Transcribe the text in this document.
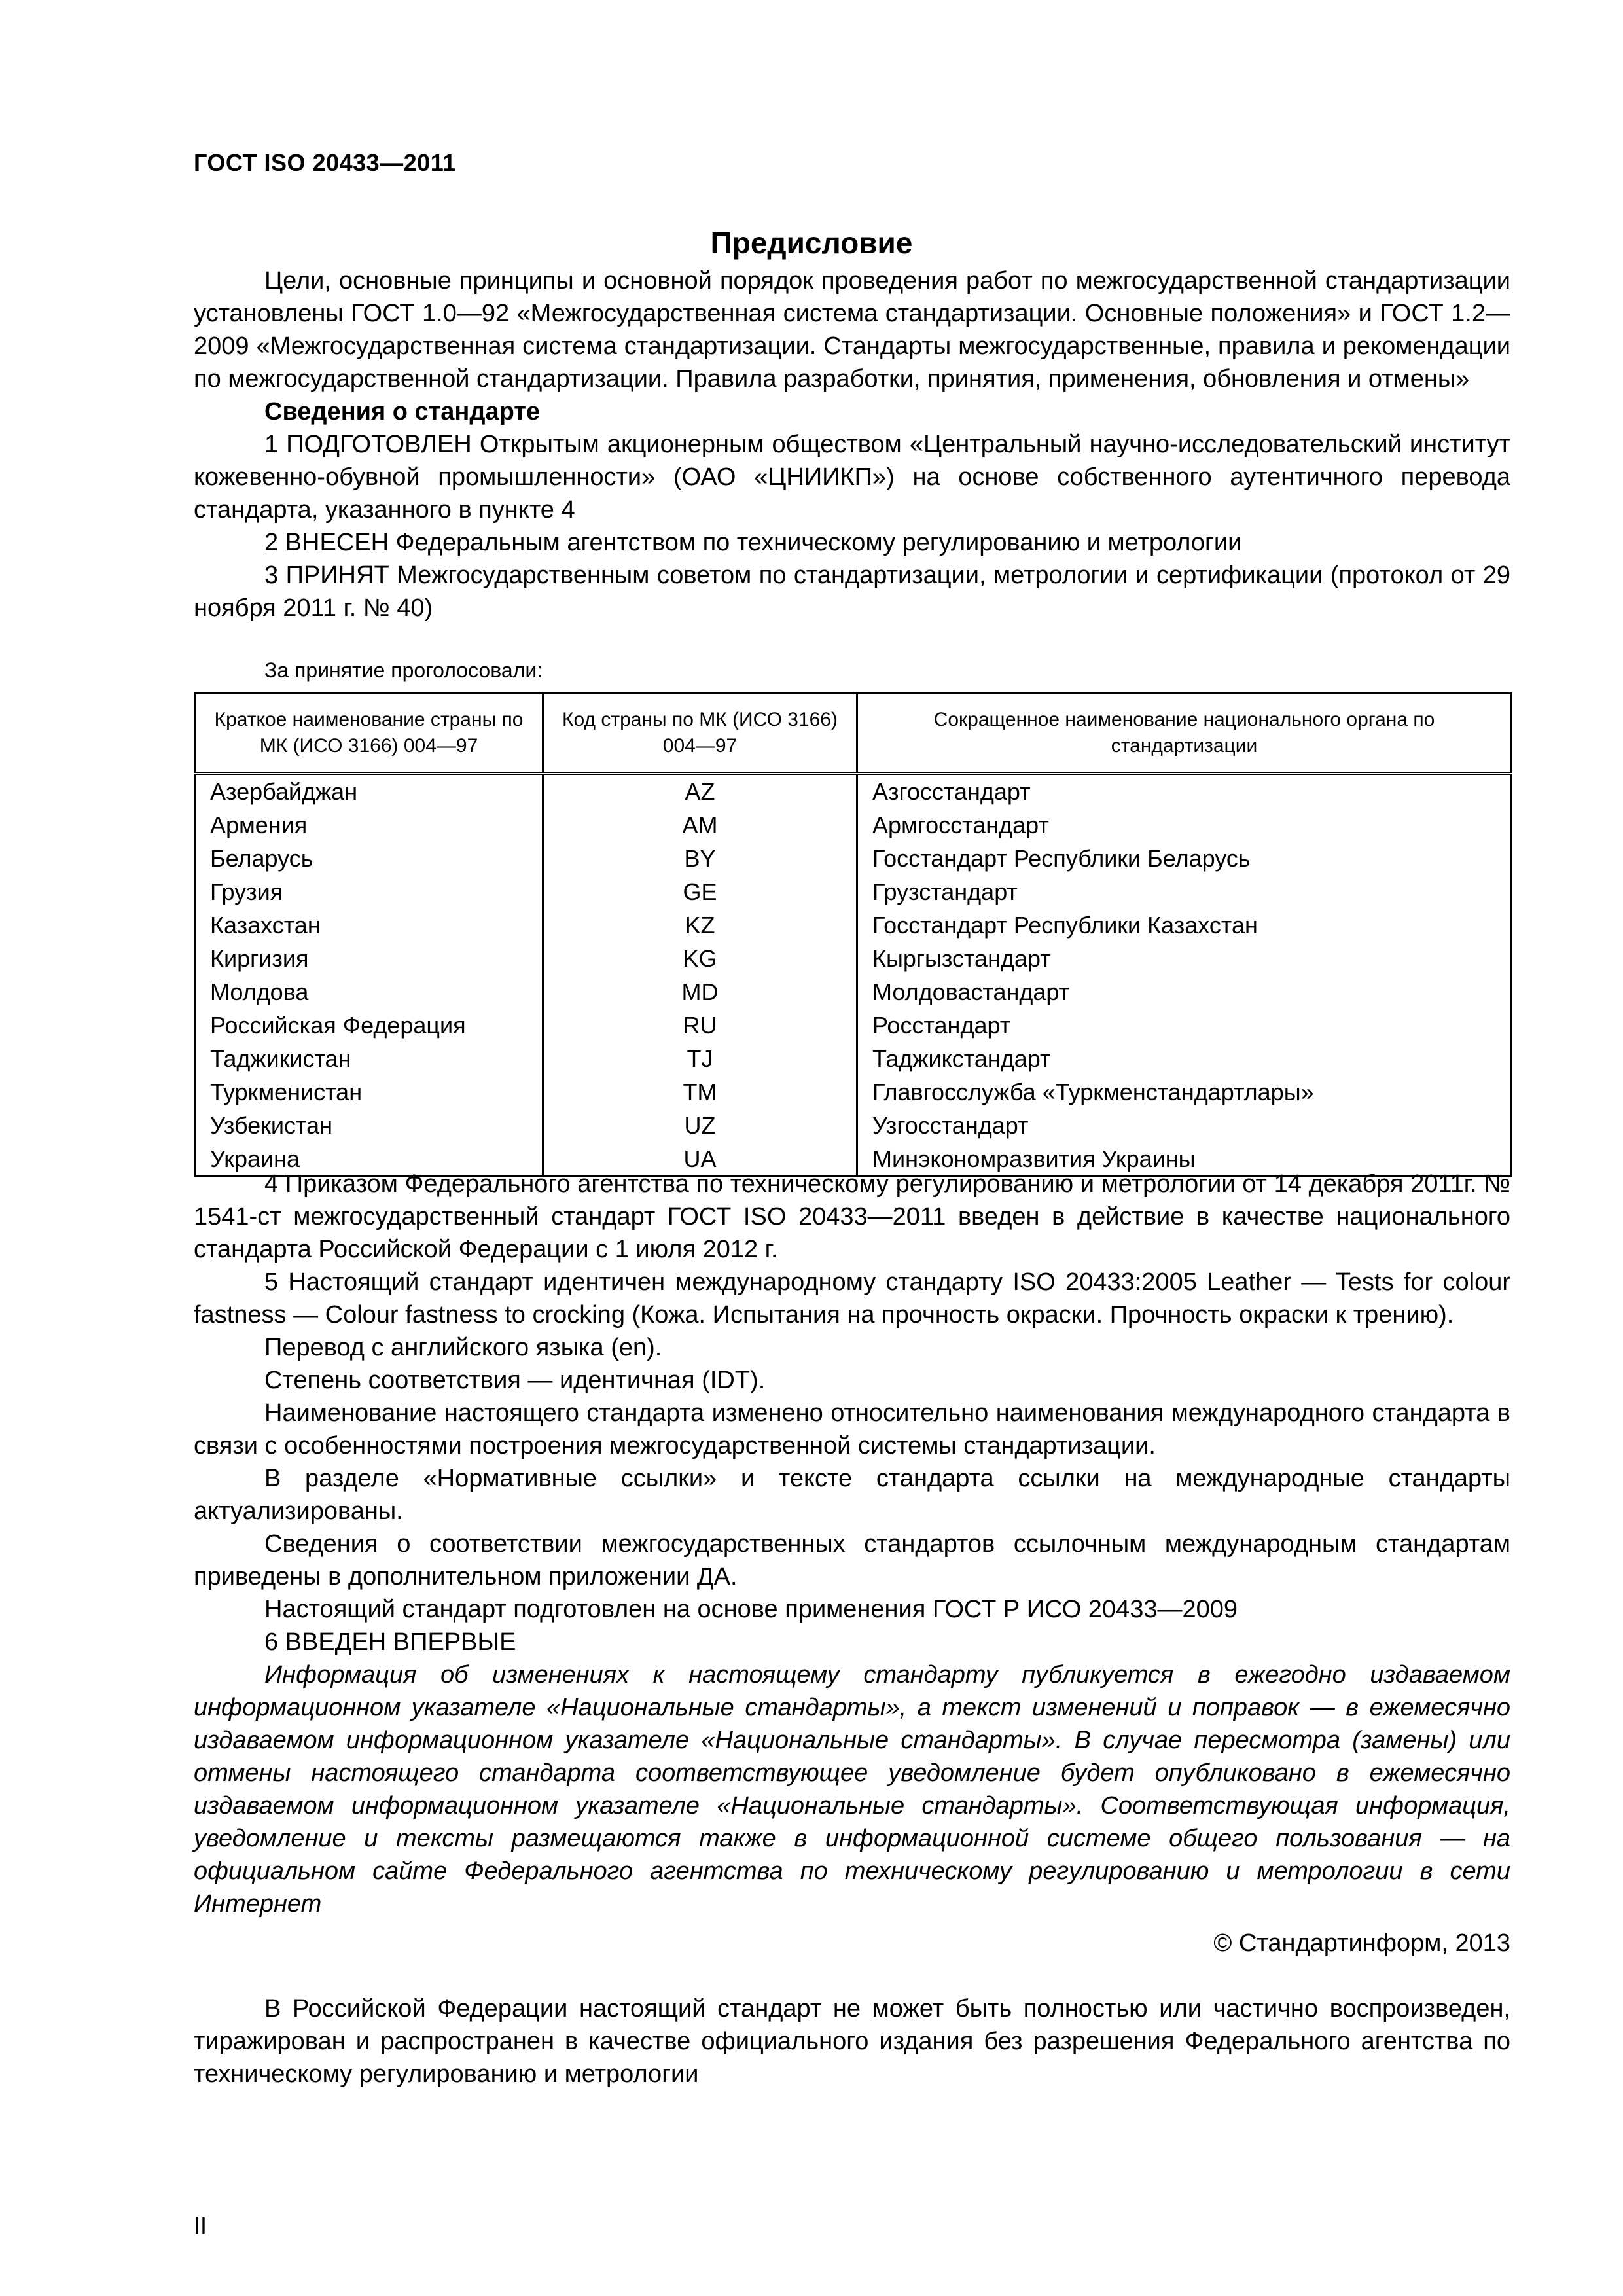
ГОСТ ISO 20433—2011
Предисловие
Цели, основные принципы и основной порядок проведения работ по межгосударственной стандартизации установлены ГОСТ 1.0—92 «Межгосударственная система стандартизации. Основные положения» и ГОСТ 1.2—2009 «Межгосударственная система стандартизации. Стандарты межгосударственные, правила и рекомендации по межгосударственной стандартизации. Правила разработки, принятия, применения, обновления и отмены»
Сведения о стандарте
1 ПОДГОТОВЛЕН Открытым акционерным обществом «Центральный научно-исследовательский институт кожевенно-обувной промышленности» (ОАО «ЦНИИКП») на основе собственного аутентичного перевода стандарта, указанного в пункте 4
2 ВНЕСЕН Федеральным агентством по техническому регулированию и метрологии
3 ПРИНЯТ Межгосударственным советом по стандартизации, метрологии и сертификации (протокол от 29 ноября 2011 г. № 40)
За принятие проголосовали:
Краткое наименование страны по МК (ИСО 3166) 004—97	Код страны по МК (ИСО 3166) 004—97	Сокращенное наименование национального органа по стандартизации
Азербайджан	AZ	Азгосстандарт
Армения	AM	Армгосстандарт
Беларусь	BY	Госстандарт Республики Беларусь
Грузия	GE	Грузстандарт
Казахстан	KZ	Госстандарт Республики Казахстан
Киргизия	KG	Кыргызстандарт
Молдова	MD	Молдовастандарт
Российская Федерация	RU	Росстандарт
Таджикистан	TJ	Таджикстандарт
Туркменистан	TM	Главгосслужба «Туркменстандартлары»
Узбекистан	UZ	Узгосстандарт
Украина	UA	Минэкономразвития Украины
4 Приказом Федерального агентства по техническому регулированию и метрологии от 14 декабря 2011г. № 1541-ст межгосударственный стандарт ГОСТ ISO 20433—2011 введен в действие в качестве национального стандарта Российской Федерации с 1 июля 2012 г.
5 Настоящий стандарт идентичен международному стандарту ISO 20433:2005 Leather — Tests for colour fastness — Colour fastness to crocking (Кожа. Испытания на прочность окраски. Прочность окраски к трению).
Перевод с английского языка (en).
Степень соответствия — идентичная (IDT).
Наименование настоящего стандарта изменено относительно наименования международного стандарта в связи с особенностями построения межгосударственной системы стандартизации.
В разделе «Нормативные ссылки» и тексте стандарта ссылки на международные стандарты актуализированы.
Сведения о соответствии межгосударственных стандартов ссылочным международным стандартам приведены в дополнительном приложении ДА.
Настоящий стандарт подготовлен на основе применения ГОСТ Р ИСО 20433—2009
6 ВВЕДЕН ВПЕРВЫЕ
Информация об изменениях к настоящему стандарту публикуется в ежегодно издаваемом информационном указателе «Национальные стандарты», а текст изменений и поправок — в ежемесячно издаваемом информационном указателе «Национальные стандарты». В случае пересмотра (замены) или отмены настоящего стандарта соответствующее уведомление будет опубликовано в ежемесячно издаваемом информационном указателе «Национальные стандарты». Соответствующая информация, уведомление и тексты размещаются также в информационной системе общего пользования — на официальном сайте Федерального агентства по техническому регулированию и метрологии в сети Интернет
© Стандартинформ, 2013
В Российской Федерации настоящий стандарт не может быть полностью или частично воспроизведен, тиражирован и распространен в качестве официального издания без разрешения Федерального агентства по техническому регулированию и метрологии
II
